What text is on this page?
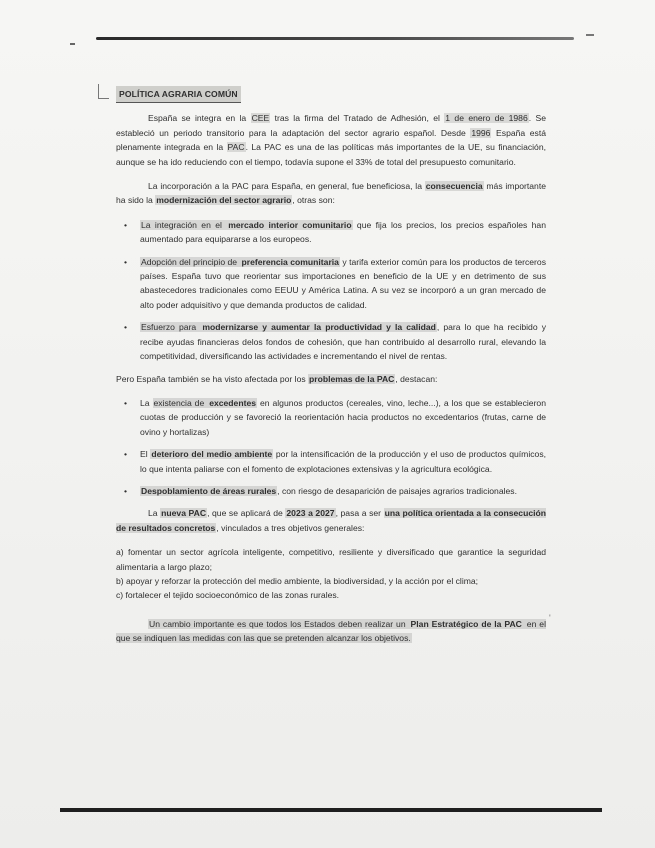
POLÍTICA AGRARIA COMÚN

España se integra en la CEE tras la firma del Tratado de Adhesión, el 1 de enero de 1986. Se estableció un periodo transitorio para la adaptación del sector agrario español. Desde 1996 España está plenamente integrada en la PAC. La PAC es una de las políticas más importantes de la UE, su financiación, aunque se ha ido reduciendo con el tiempo, todavía supone el 33% de total del presupuesto comunitario.

La incorporación a la PAC para España, en general, fue beneficiosa, la consecuencia más importante ha sido la modernización del sector agrario, otras son:

• La integración en el mercado interior comunitario que fija los precios, los precios españoles han aumentado para equipararse a los europeos.
• Adopción del principio de preferencia comunitaria y tarifa exterior común para los productos de terceros países. España tuvo que reorientar sus importaciones en beneficio de la UE y en detrimento de sus abastecedores tradicionales como EEUU y América Latina. A su vez se incorporó a un gran mercado de alto poder adquisitivo y que demanda productos de calidad.
• Esfuerzo para modernizarse y aumentar la productividad y la calidad, para lo que ha recibido y recibe ayudas financieras delos fondos de cohesión, que han contribuido al desarrollo rural, elevando la competitividad, diversificando las actividades e incrementando el nivel de rentas.

Pero España también se ha visto afectada por los problemas de la PAC, destacan:

• La existencia de excedentes en algunos productos (cereales, vino, leche...), a los que se establecieron cuotas de producción y se favoreció la reorientación hacia productos no excedentarios (frutas, carne de ovino y hortalizas)
• El deterioro del medio ambiente por la intensificación de la producción y el uso de productos químicos, lo que intenta paliarse con el fomento de explotaciones extensivas y la agricultura ecológica.
• Despoblamiento de áreas rurales, con riesgo de desaparición de paisajes agrarios tradicionales.

La nueva PAC, que se aplicará de 2023 a 2027, pasa a ser una política orientada a la consecución de resultados concretos, vinculados a tres objetivos generales:

a) fomentar un sector agrícola inteligente, competitivo, resiliente y diversificado que garantice la seguridad alimentaria a largo plazo;

b) apoyar y reforzar la protección del medio ambiente, la biodiversidad, y la acción por el clima;

c) fortalecer el tejido socioeconómico de las zonas rurales.

Un cambio importante es que todos los Estados deben realizar un Plan Estratégico de la PAC en el que se indiquen las medidas con las que se pretenden alcanzar los objetivos.

'
